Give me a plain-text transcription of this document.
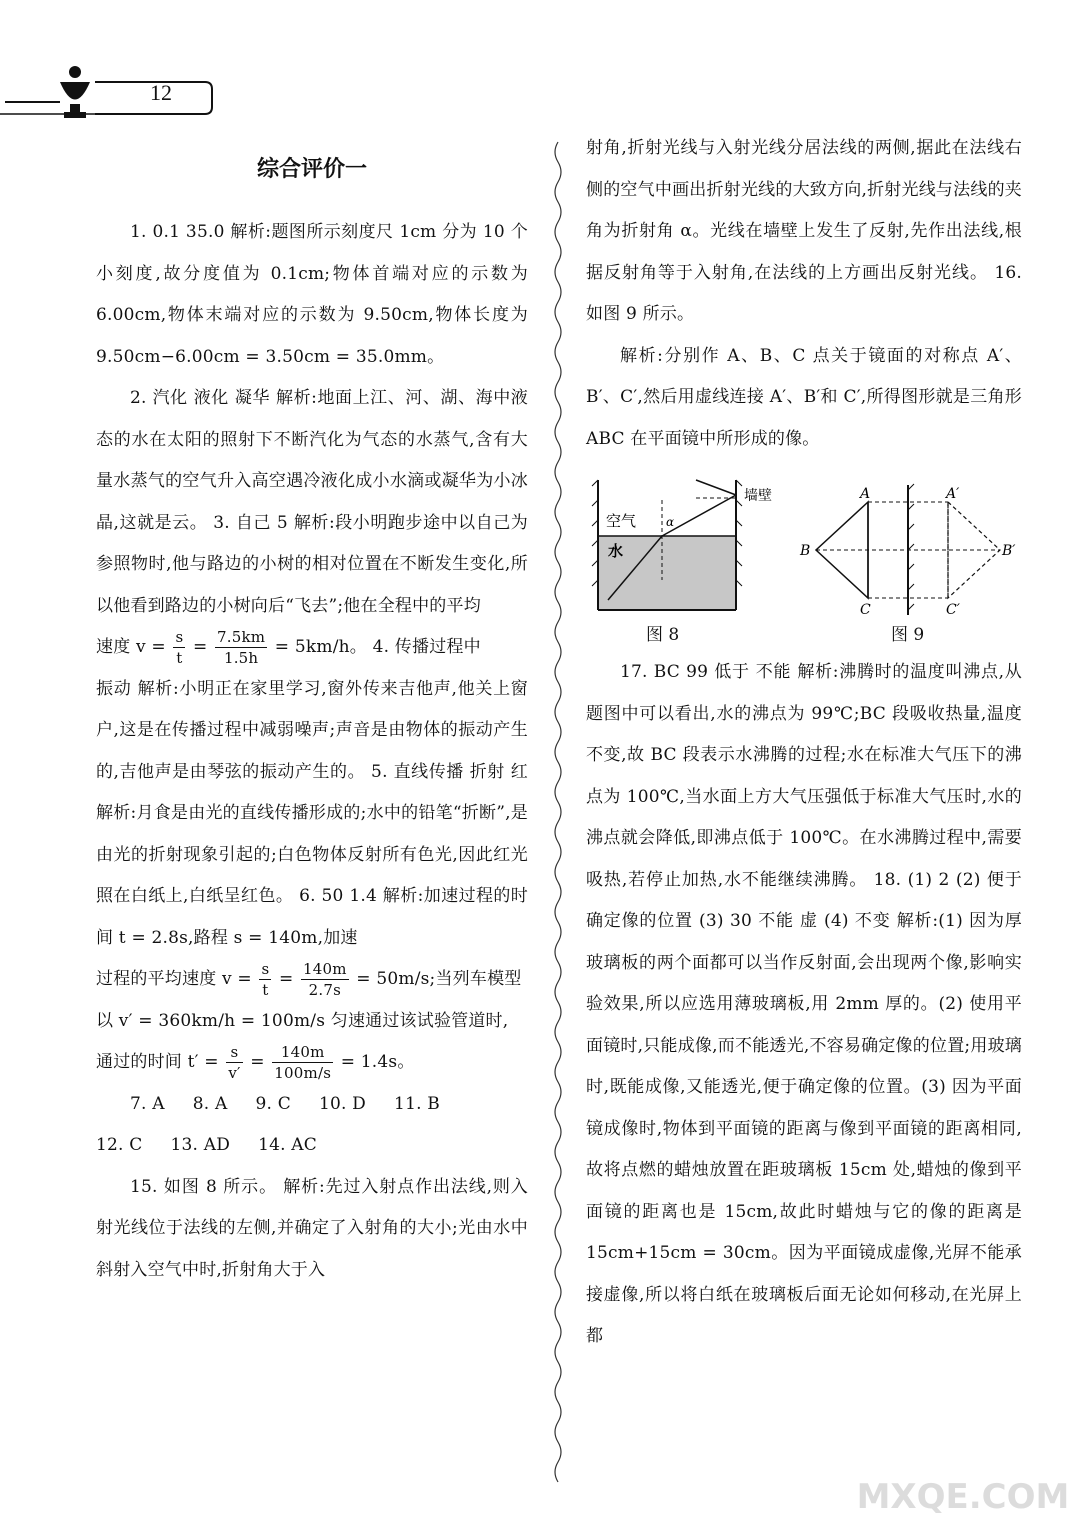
12
综合评价一

1. 0.1 35.0 解析:题图所示刻度尺 1cm 分为 10 个小刻度,故分度值为 0.1cm;物体首端对应的示数为 6.00cm,物体末端对应的示数为 9.50cm,物体长度为 9.50cm−6.00cm = 3.50cm = 35.0mm。

2. 汽化 液化 凝华 解析:地面上江、河、湖、海中液态的水在太阳的照射下不断汽化为气态的水蒸气,含有大量水蒸气的空气升入高空遇冷液化成小水滴或凝华为小冰晶,这就是云。 3. 自己 5 解析:段小明跑步途中以自己为参照物时,他与路边的小树的相对位置在不断发生变化,所以他看到路边的小树向后“飞去”;他在全程中的平均

速度 $v = \frac{s}{t} = \frac{7.5km}{1.5h} = 5km/h$。 4. 传播过程中

振动 解析:小明正在家里学习,窗外传来吉他声,他关上窗户,这是在传播过程中减弱噪声;声音是由物体的振动产生的,吉他声是由琴弦的振动产生的。 5. 直线传播 折射 红 解析:月食是由光的直线传播形成的;水中的铅笔“折断”,是由光的折射现象引起的;白色物体反射所有色光,因此红光照在白纸上,白纸呈红色。 6. 50 1.4 解析:加速过程的时间 t = 2.8s,路程 s = 140m,加速

过程的平均速度 $v = \frac{s}{t} = \frac{140m}{2.7s} = 50m/s$;当列车模型

以 v′ = 360km/h = 100m/s 匀速通过该试验管道时,

通过的时间 $t' = \frac{s}{v'} = \frac{140m}{100m/s} = 1.4s$。

7. A 8. A 9. C 10. D 11. B

12. C 13. AD 14. AC

15. 如图 8 所示。 解析:先过入射点作出法线,则入射光线位于法线的左侧,并确定了入射角的大小;光由水中斜射入空气中时,折射角大于入

射角,折射光线与入射光线分居法线的两侧,据此在法线右侧的空气中画出折射光线的大致方向,折射光线与法线的夹角为折射角 α。光线在墙壁上发生了反射,先作出法线,根据反射角等于入射角,在法线的上方画出反射光线。 16. 如图 9 所示。

解析:分别作 A、B、C 点关于镜面的对称点 A′、B′、C′,然后用虚线连接 A′、B′和 C′,所得图形就是三角形 ABC 在平面镜中所形成的像。

空气
水
α
墙壁
图 8
A
B
C
A′
B′
C′
图 9

17. BC 99 低于 不能 解析:沸腾时的温度叫沸点,从题图中可以看出,水的沸点为 99℃;BC 段吸收热量,温度不变,故 BC 段表示水沸腾的过程;水在标准大气压下的沸点为 100℃,当水面上方大气压强低于标准大气压时,水的沸点就会降低,即沸点低于 100℃。在水沸腾过程中,需要吸热,若停止加热,水不能继续沸腾。 18. (1) 2 (2) 便于确定像的位置 (3) 30 不能 虚 (4) 不变 解析:(1) 因为厚玻璃板的两个面都可以当作反射面,会出现两个像,影响实验效果,所以应选用薄玻璃板,用 2mm 厚的。(2) 使用平面镜时,只能成像,而不能透光,不容易确定像的位置;用玻璃时,既能成像,又能透光,便于确定像的位置。(3) 因为平面镜成像时,物体到平面镜的距离与像到平面镜的距离相同,故将点燃的蜡烛放置在距玻璃板 15cm 处,蜡烛的像到平面镜的距离也是 15cm,故此时蜡烛与它的像的距离是 15cm+15cm = 30cm。因为平面镜成虚像,光屏不能承接虚像,所以将白纸在玻璃板后面无论如何移动,在光屏上都

MXQE.COM
